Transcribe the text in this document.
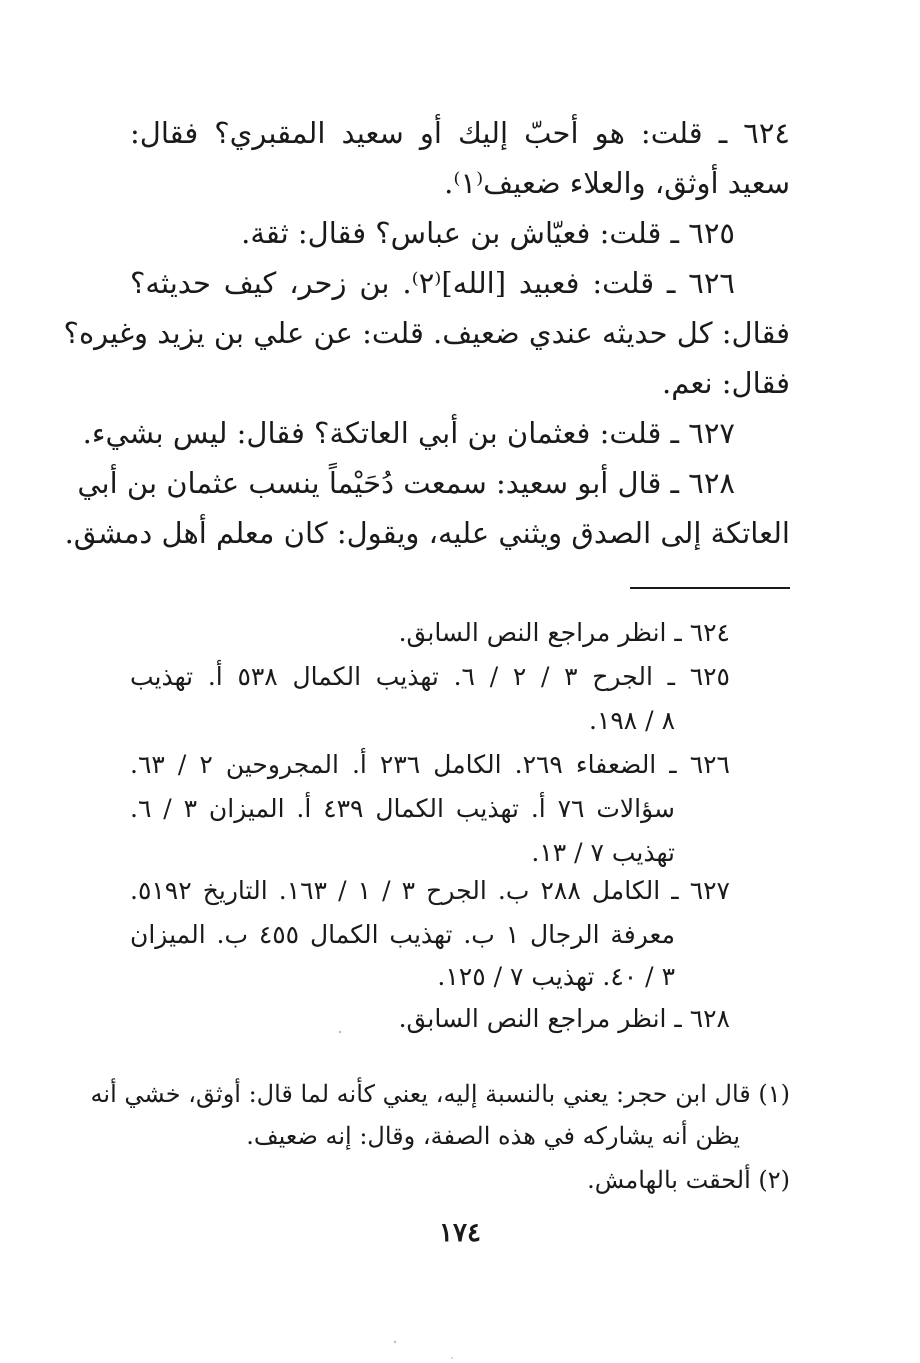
٦٢٤ ـ قلت: هو أحبّ إليك أو سعيد المقبري؟ فقال:
سعيد أوثق، والعلاء ضعيف⁽١⁾.
٦٢٥ ـ قلت: فعيّاش بن عباس؟ فقال: ثقة.
٦٢٦ ـ قلت: فعبيد [الله]⁽٢⁾. بن زحر، كيف حديثه؟
فقال: كل حديثه عندي ضعيف. قلت: عن علي بن يزيد وغيره؟
فقال: نعم.
٦٢٧ ـ قلت: فعثمان بن أبي العاتكة؟ فقال: ليس بشيء.
٦٢٨ ـ قال أبو سعيد: سمعت دُحَيْماً ينسب عثمان بن أبي
العاتكة إلى الصدق ويثني عليه، ويقول: كان معلم أهل دمشق.
٦٢٤ ـ انظر مراجع النص السابق.
٦٢٥ ـ الجرح ٣ / ٢ / ٦. تهذيب الكمال ٥٣٨ أ. تهذيب
٨ / ١٩٨.
٦٢٦ ـ الضعفاء ٢٦٩. الكامل ٢٣٦ أ. المجروحين ٢ / ٦٣.
سؤالات ٧٦ أ. تهذيب الكمال ٤٣٩ أ. الميزان ٣ / ٦.
تهذيب ٧ / ١٣.
٦٢٧ ـ الكامل ٢٨٨ ب. الجرح ٣ / ١ / ١٦٣. التاريخ ٥١٩٢.
معرفة الرجال ١ ب. تهذيب الكمال ٤٥٥ ب. الميزان
٣ / ٤٠. تهذيب ٧ / ١٢٥.
٦٢٨ ـ انظر مراجع النص السابق.
(١) قال ابن حجر: يعني بالنسبة إليه، يعني كأنه لما قال: أوثق، خشي أنه
يظن أنه يشاركه في هذه الصفة، وقال: إنه ضعيف.
(٢) ألحقت بالهامش.
١٧٤
